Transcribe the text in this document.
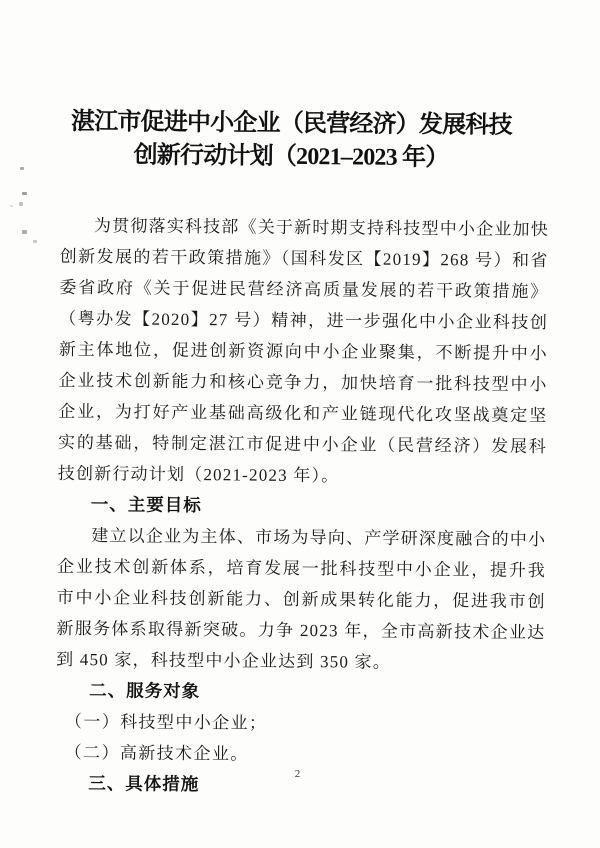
湛江市促进中小企业（民营经济）发展科技
创新行动计划（2021–2023 年）

为贯彻落实科技部《关于新时期支持科技型中小企业加快创新发展的若干政策措施》（国科发区【2019】268 号）和省委省政府《关于促进民营经济高质量发展的若干政策措施》（粤办发【2020】27 号）精神，进一步强化中小企业科技创新主体地位，促进创新资源向中小企业聚集，不断提升中小企业技术创新能力和核心竞争力，加快培育一批科技型中小企业，为打好产业基础高级化和产业链现代化攻坚战奠定坚实的基础，特制定湛江市促进中小企业（民营经济）发展科技创新行动计划（2021-2023 年）。

一、主要目标

建立以企业为主体、市场为导向、产学研深度融合的中小企业技术创新体系，培育发展一批科技型中小企业，提升我市中小企业科技创新能力、创新成果转化能力，促进我市创新服务体系取得新突破。力争 2023 年，全市高新技术企业达到 450 家，科技型中小企业达到 350 家。

二、服务对象

（一）科技型中小企业；

（二）高新技术企业。

三、具体措施	2
